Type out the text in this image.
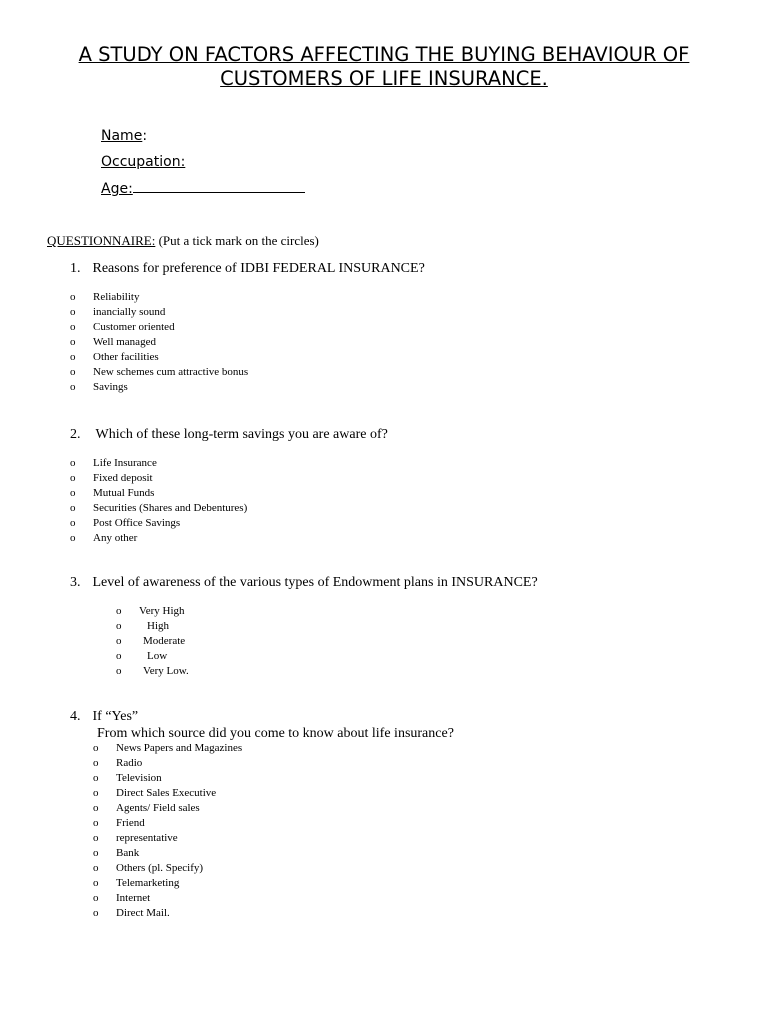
A STUDY ON FACTORS AFFECTING THE BUYING BEHAVIOUR OF
CUSTOMERS OF LIFE INSURANCE.
Name:
Occupation:
Age:
QUESTIONNAIRE: (Put a tick mark on the circles)
1. Reasons for preference of IDBI FEDERAL INSURANCE?
o Reliability
o inancially sound
o Customer oriented
o Well managed
o Other facilities
o New schemes cum attractive bonus
o Savings
2. Which of these long-term savings you are aware of?
o Life Insurance
o Fixed deposit
o Mutual Funds
o Securities (Shares and Debentures)
o Post Office Savings
o Any other
3. Level of awareness of the various types of Endowment plans in INSURANCE?
o Very High
o High
o Moderate
o Low
o Very Low.
4. If “Yes”
From which source did you come to know about life insurance?
o News Papers and Magazines
o Radio
o Television
o Direct Sales Executive
o Agents/ Field sales
o Friend
o representative
o Bank
o Others (pl. Specify)
o Telemarketing
o Internet
o Direct Mail.
